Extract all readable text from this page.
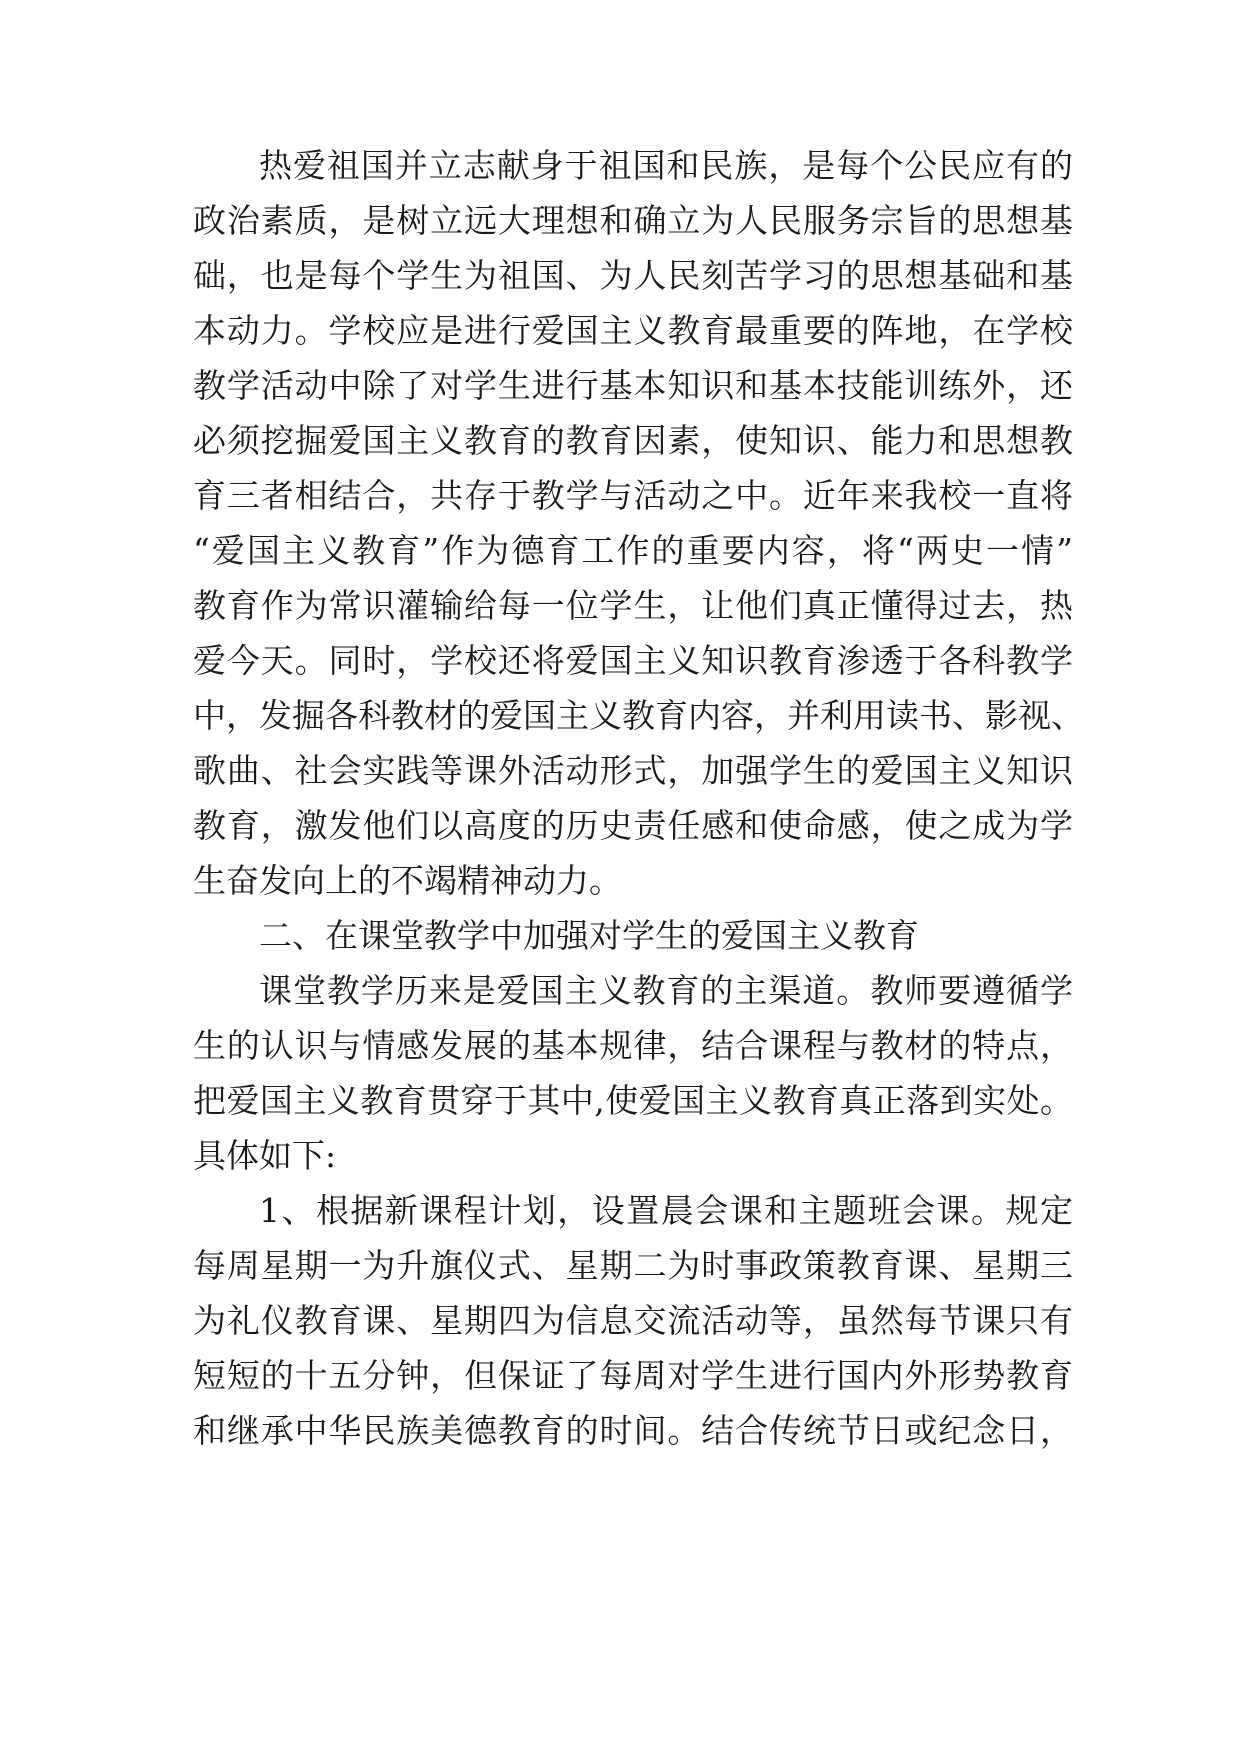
热爱祖国并立志献身于祖国和民族，是每个公民应有的
政治素质，是树立远大理想和确立为人民服务宗旨的思想基
础，也是每个学生为祖国、为人民刻苦学习的思想基础和基
本动力。学校应是进行爱国主义教育最重要的阵地，在学校
教学活动中除了对学生进行基本知识和基本技能训练外，还
必须挖掘爱国主义教育的教育因素，使知识、能力和思想教
育三者相结合，共存于教学与活动之中。近年来我校一直将
“爱国主义教育”作为德育工作的重要内容，将“两史一情”
教育作为常识灌输给每一位学生，让他们真正懂得过去，热
爱今天。同时，学校还将爱国主义知识教育渗透于各科教学
中，发掘各科教材的爱国主义教育内容，并利用读书、影视、
歌曲、社会实践等课外活动形式，加强学生的爱国主义知识
教育，激发他们以高度的历史责任感和使命感，使之成为学
生奋发向上的不竭精神动力。
二、在课堂教学中加强对学生的爱国主义教育
课堂教学历来是爱国主义教育的主渠道。教师要遵循学
生的认识与情感发展的基本规律，结合课程与教材的特点，
把爱国主义教育贯穿于其中,使爱国主义教育真正落到实处。
具体如下:
1、根据新课程计划，设置晨会课和主题班会课。规定
每周星期一为升旗仪式、星期二为时事政策教育课、星期三
为礼仪教育课、星期四为信息交流活动等，虽然每节课只有
短短的十五分钟，但保证了每周对学生进行国内外形势教育
和继承中华民族美德教育的时间。结合传统节日或纪念日，
